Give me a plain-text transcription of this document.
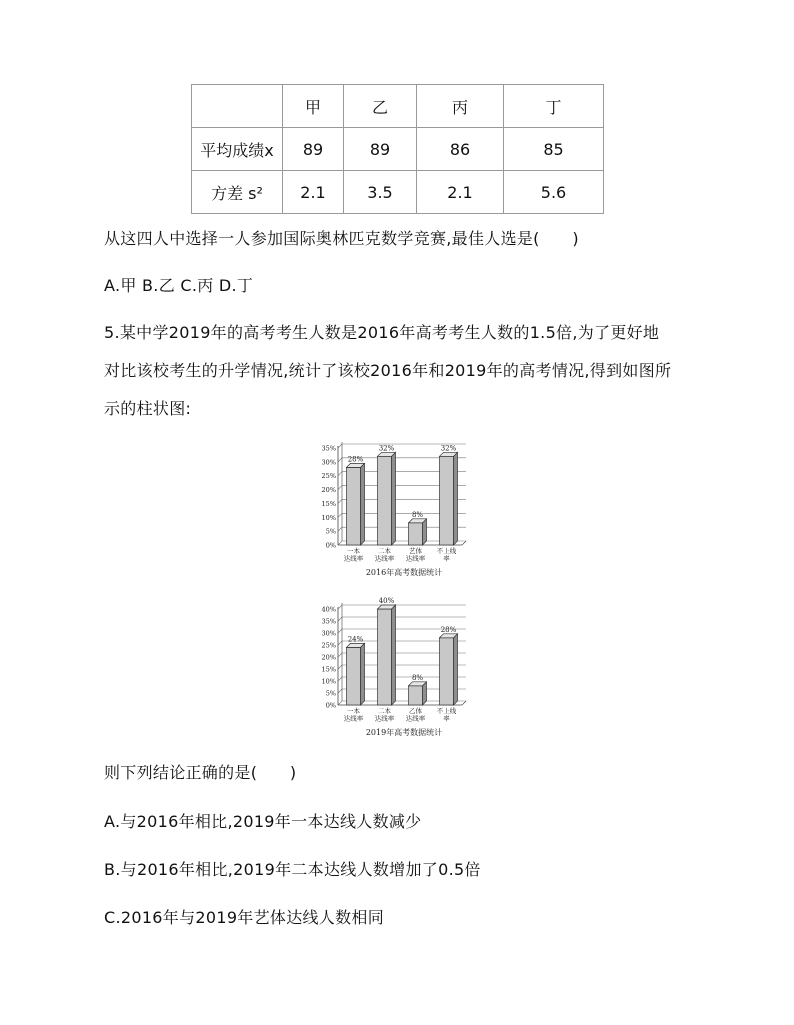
	甲	乙	丙	丁
平均成绩x	89	89	86	85
方差 s²	2.1	3.5	2.1	5.6
从这四人中选择一人参加国际奥林匹克数学竞赛,最佳人选是(　　)
A.甲 B.乙 C.丙 D.丁
5.某中学2019年的高考考生人数是2016年高考考生人数的1.5倍,为了更好地
对比该校考生的升学情况,统计了该校2016年和2019年的高考情况,得到如图所
示的柱状图:
0%
5%
10%
15%
20%
25%
30%
35%
28%
一本
达线率
32%
二本
达线率
8%
艺体
达线率
32%
不上线
率
2016年高考数据统计
0%
5%
10%
15%
20%
25%
30%
35%
40%
24%
一本
达线率
40%
二本
达线率
8%
乙体
达线率
28%
不上线
率
2019年高考数据统计
则下列结论正确的是(　　)
A.与2016年相比,2019年一本达线人数减少
B.与2016年相比,2019年二本达线人数增加了0.5倍
C.2016年与2019年艺体达线人数相同
